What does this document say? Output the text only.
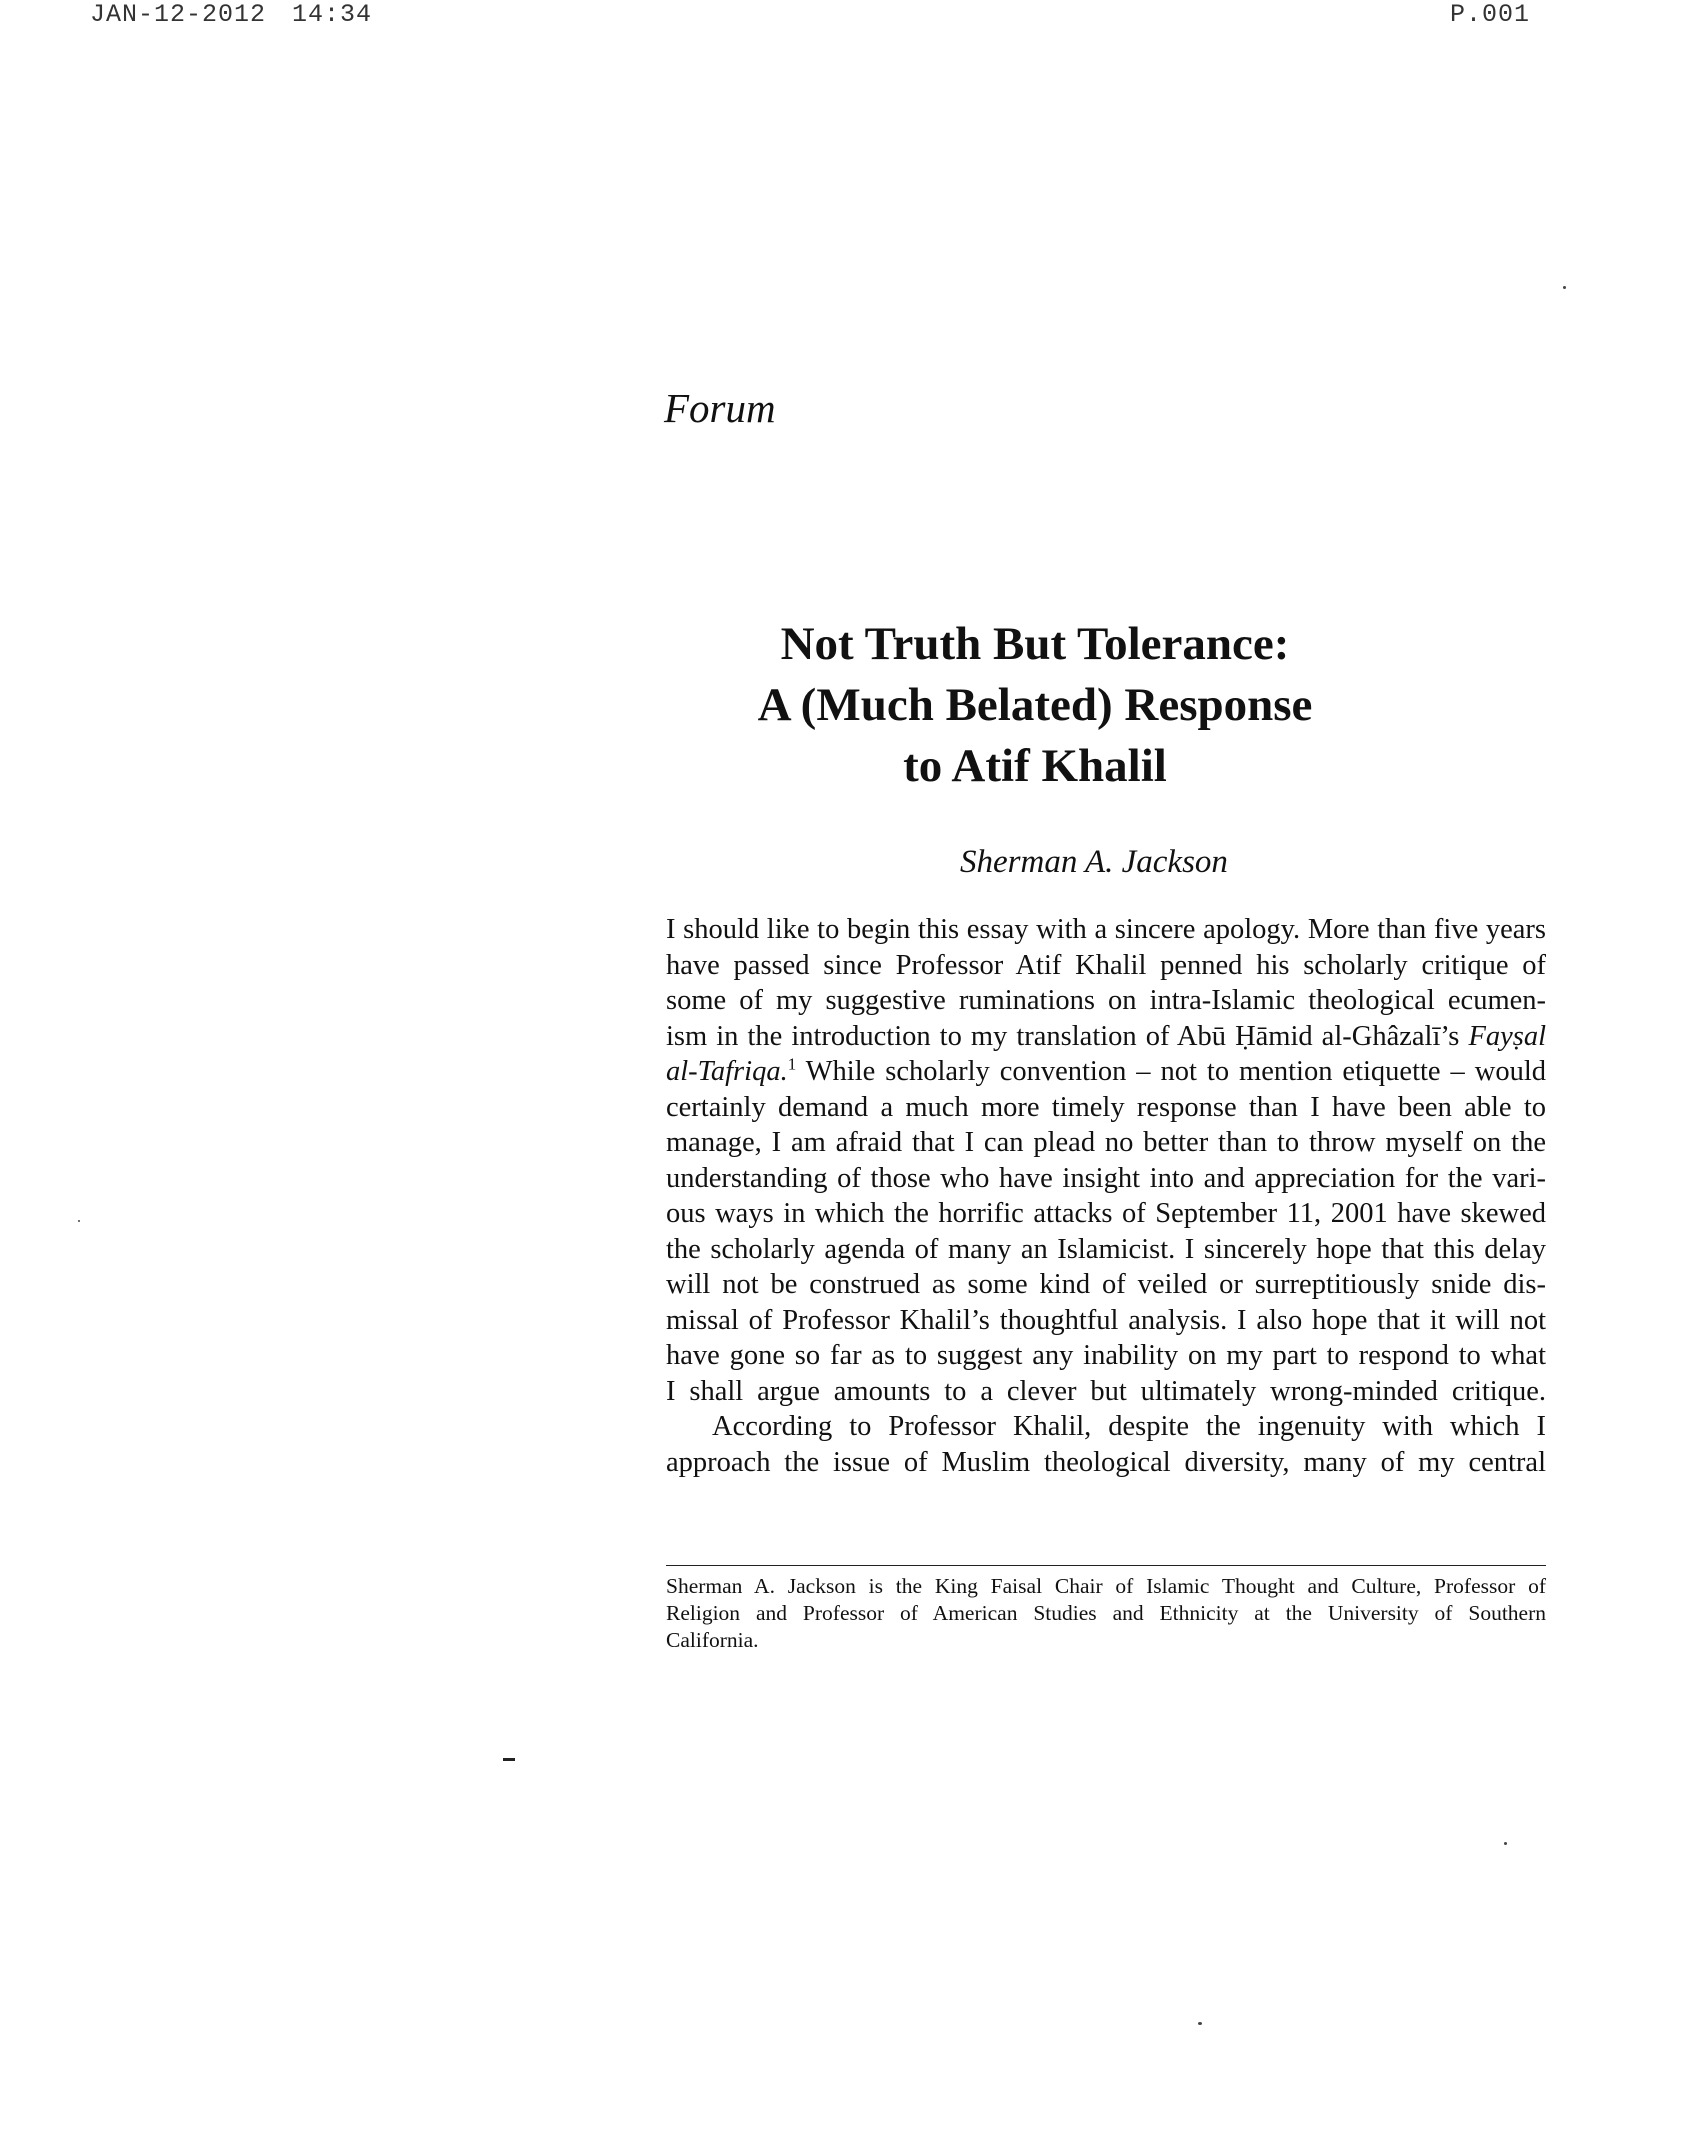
JAN-12-2012 14:34	P.001
Forum
Not Truth But Tolerance:
A (Much Belated) Response
to Atif Khalil
Sherman A. Jackson
I should like to begin this essay with a sincere apology. More than five years
have passed since Professor Atif Khalil penned his scholarly critique of
some of my suggestive ruminations on intra-Islamic theological ecumen-
ism in the introduction to my translation of Abū Ḥāmid al-Ghâzalī’s Fayṣal
al-Tafriqa.$^1$ While scholarly convention – not to mention etiquette – would
certainly demand a much more timely response than I have been able to
manage, I am afraid that I can plead no better than to throw myself on the
understanding of those who have insight into and appreciation for the vari-
ous ways in which the horrific attacks of September 11, 2001 have skewed
the scholarly agenda of many an Islamicist. I sincerely hope that this delay
will not be construed as some kind of veiled or surreptitiously snide dis-
missal of Professor Khalil’s thoughtful analysis. I also hope that it will not
have gone so far as to suggest any inability on my part to respond to what
I shall argue amounts to a clever but ultimately wrong-minded critique.
According to Professor Khalil, despite the ingenuity with which I
approach the issue of Muslim theological diversity, many of my central
Sherman A. Jackson is the King Faisal Chair of Islamic Thought and Culture, Professor of
Religion and Professor of American Studies and Ethnicity at the University of Southern
California.
